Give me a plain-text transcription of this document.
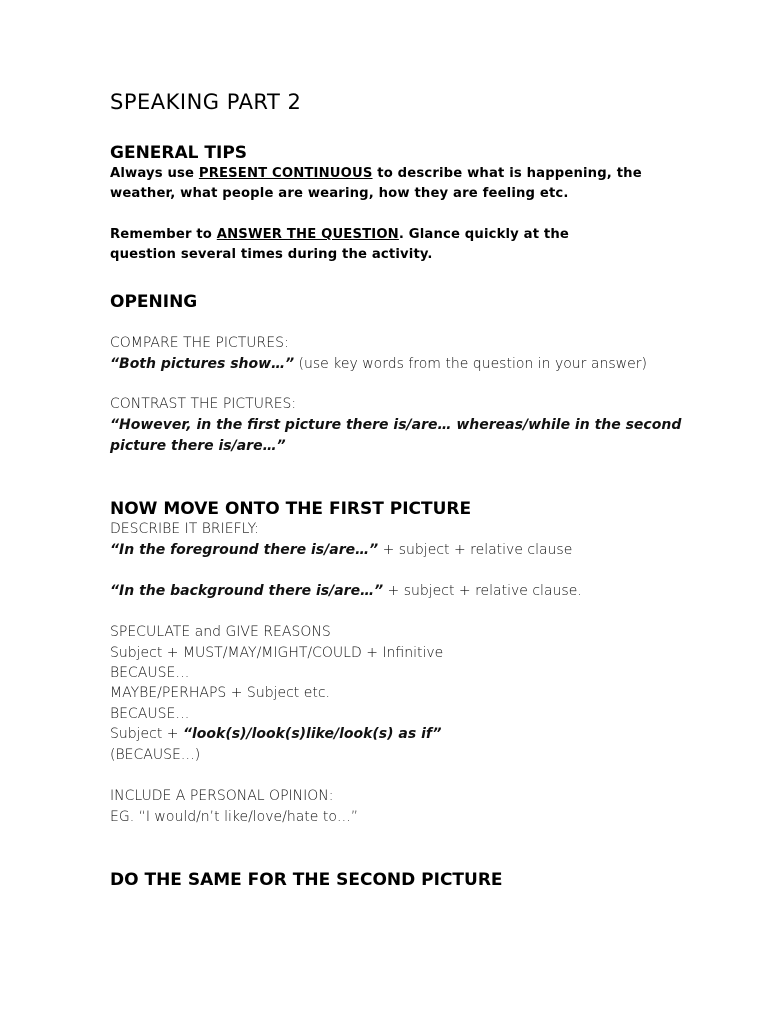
SPEAKING PART 2
GENERAL TIPS
Always use PRESENT CONTINUOUS to describe what is happening, the
weather, what people are wearing, how they are feeling etc.
Remember to ANSWER THE QUESTION. Glance quickly at the
question several times during the activity.
OPENING
COMPARE THE PICTURES:
“Both pictures show…” (use key words from the question in your answer)
CONTRAST THE PICTURES:
“However, in the first picture there is/are… whereas/while in the second
picture there is/are…”
NOW MOVE ONTO THE FIRST PICTURE
DESCRIBE IT BRIEFLY:
“In the foreground there is/are…” + subject + relative clause
“In the background there is/are…” + subject + relative clause.
SPECULATE and GIVE REASONS
Subject + MUST/MAY/MIGHT/COULD + Infinitive
BECAUSE…
MAYBE/PERHAPS + Subject etc.
BECAUSE…
Subject + “look(s)/look(s)like/look(s) as if”
(BECAUSE…)
INCLUDE A PERSONAL OPINION:
EG. “I would/n’t like/love/hate to…”
DO THE SAME FOR THE SECOND PICTURE
